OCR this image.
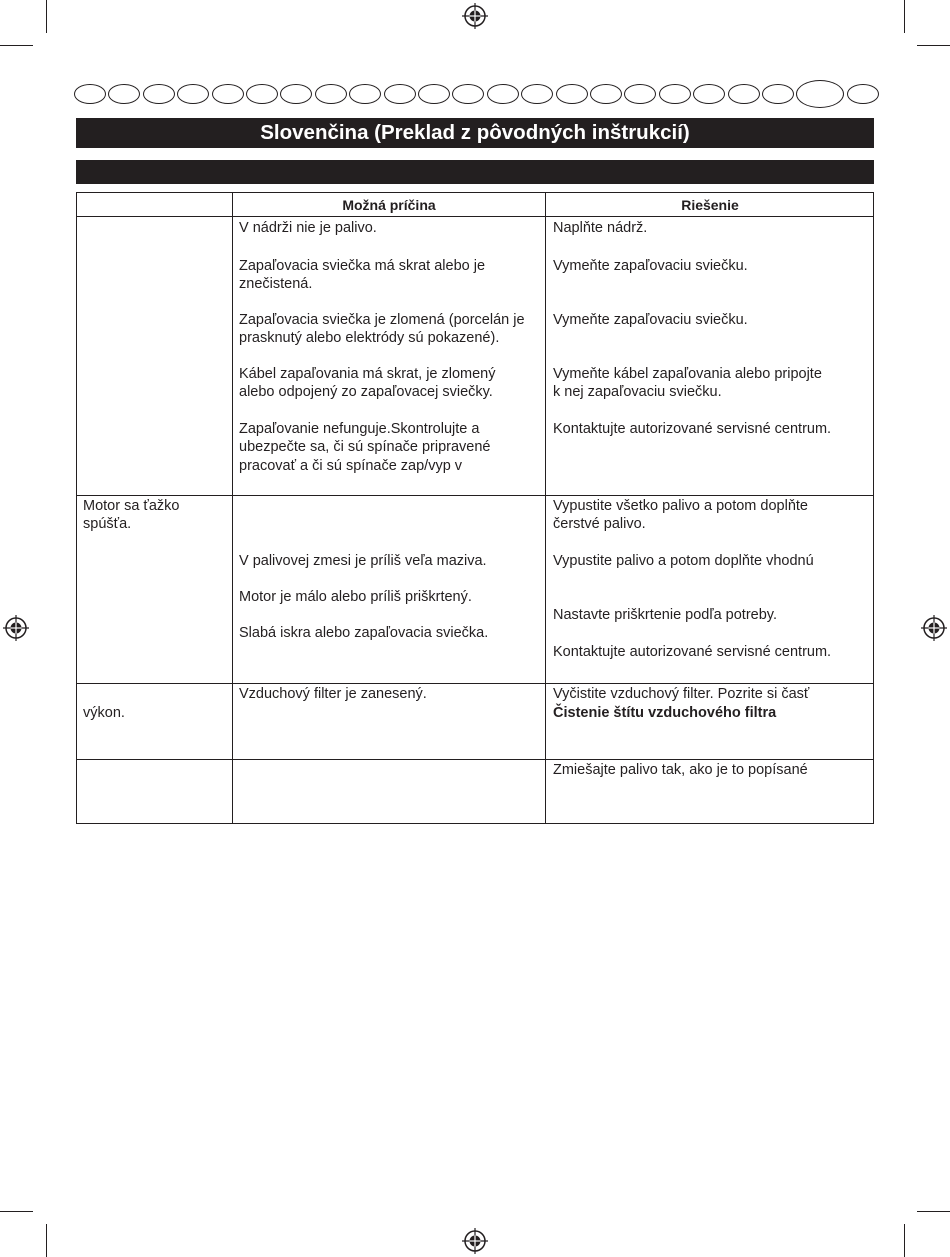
Slovenčina (Preklad z pôvodných inštrukcií)
Možná príčina	Riešenie
V nádrži nie je palivo.
Zapaľovacia sviečka má skrat alebo je
znečistená.
Zapaľovacia sviečka je zlomená (porcelán je
prasknutý alebo elektródy sú pokazené).
Kábel zapaľovania má skrat, je zlomený
alebo odpojený zo zapaľovacej sviečky.
Zapaľovanie nefunguje.Skontrolujte a
ubezpečte sa, či sú spínače pripravené
pracovať a či sú spínače zap/vyp v
Naplňte nádrž.
Vymeňte zapaľovaciu sviečku.
Vymeňte zapaľovaciu sviečku.
Vymeňte kábel zapaľovania alebo pripojte
k nej zapaľovaciu sviečku.
Kontaktujte autorizované servisné centrum.
Motor sa ťažko
spúšťa.
V palivovej zmesi je príliš veľa maziva.
Motor je málo alebo príliš priškrtený.
Slabá iskra alebo zapaľovacia sviečka.
Vypustite všetko palivo a potom doplňte
čerstvé palivo.
Vypustite palivo a potom doplňte vhodnú
Nastavte priškrtenie podľa potreby.
Kontaktujte autorizované servisné centrum.
výkon.
Vzduchový filter je zanesený.	Vyčistite vzduchový filter. Pozrite si časť
Čistenie štítu vzduchového filtra
Zmiešajte palivo tak, ako je to popísané
